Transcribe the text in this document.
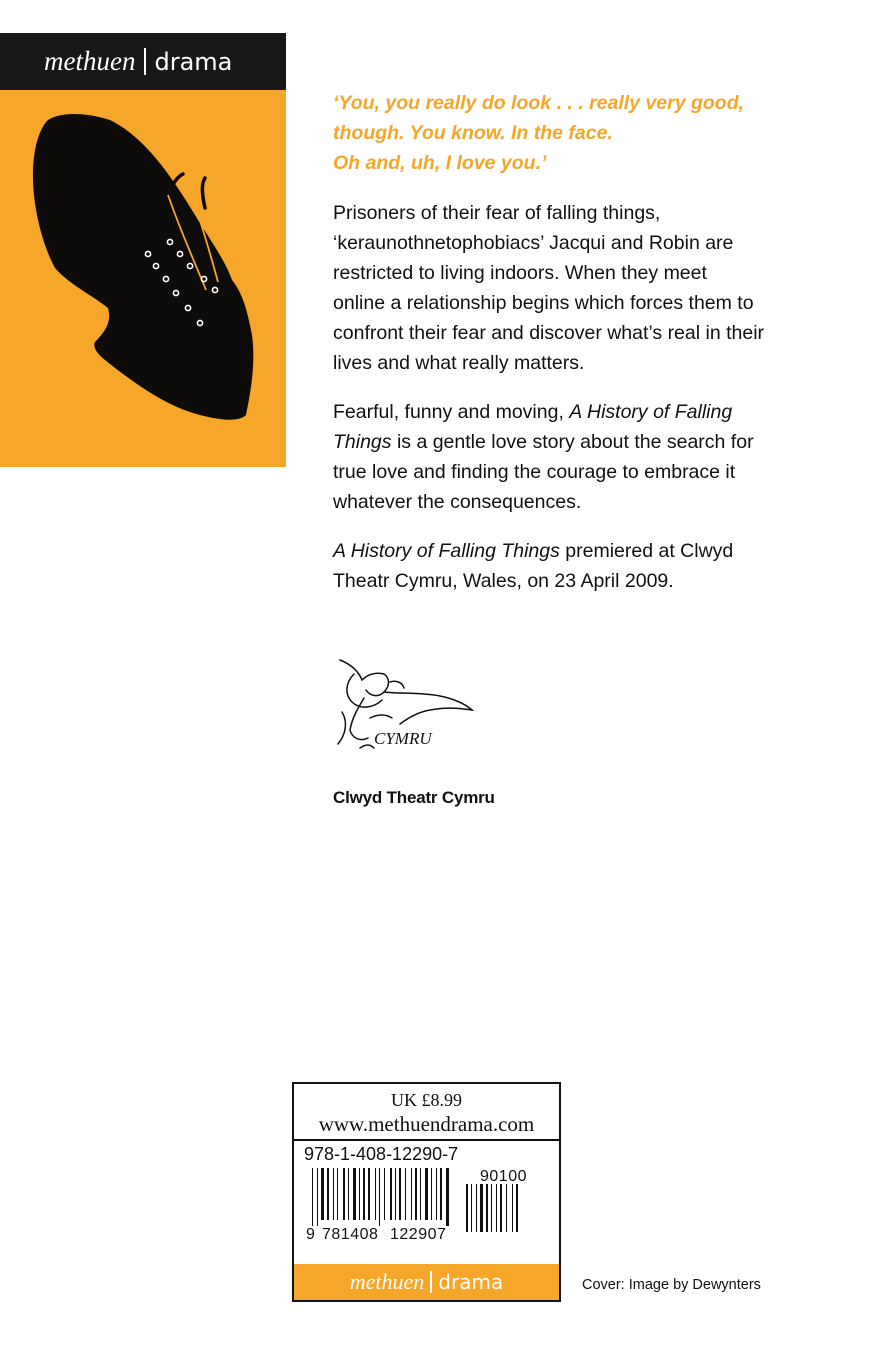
methuen drama
‘You, you really do look . . . really very good,
though. You know. In the face.
Oh and, uh, I love you.’
Prisoners of their fear of falling things,
‘keraunothnetophobiacs’ Jacqui and Robin are
restricted to living indoors. When they meet
online a relationship begins which forces them to
confront their fear and discover what’s real in their
lives and what really matters.
Fearful, funny and moving, A History of Falling
Things is a gentle love story about the search for
true love and finding the courage to embrace it
whatever the consequences.
A History of Falling Things premiered at Clwyd
Theatr Cymru, Wales, on 23 April 2009.
CYMRU
Clwyd Theatr Cymru
UK £8.99
www.methuendrama.com
978-1-408-12290-7
90100
9 781408 122907
methuen drama	Cover: Image by Dewynters
